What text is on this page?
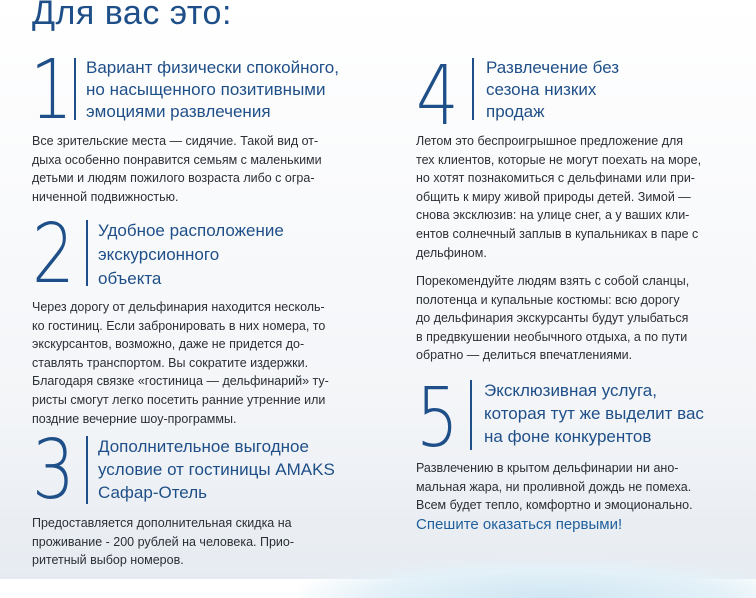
Для вас это:
1 Вариант физически спокойного,
но насыщенного позитивными
эмоциями развлечения

Все зрительские места — сидячие. Такой вид от-

дыха особенно понравится семьям с маленькими

детьми и людям пожилого возраста либо с огра-

ниченной подвижностью.

2 Удобное расположение
экскурсионного
объекта

Через дорогу от дельфинария находится несколь-

ко гостиниц. Если забронировать в них номера, то

экскурсантов, возможно, даже не придется до-

ставлять транспортом. Вы сократите издержки.

Благодаря связке «гостиница — дельфинарий» ту-

ристы смогут легко посетить ранние утренние или

поздние вечерние шоу-программы.

3 Дополнительное выгодное
условие от гостиницы AMAKS
Сафар-Отель

Предоставляется дополнительная скидка на

проживание - 200 рублей на человека. Прио-

ритетный выбор номеров.

4 Развлечение без
сезона низких
продаж

Летом это беспроигрышное предложение для

тех клиентов, которые не могут поехать на море,

но хотят познакомиться с дельфинами или при-

общить к миру живой природы детей. Зимой —

снова эксклюзив: на улице снег, а у ваших кли-

ентов солнечный заплыв в купальниках в паре с

дельфином.

Порекомендуйте людям взять с собой сланцы,

полотенца и купальные костюмы: всю дорогу

до дельфинария экскурсанты будут улыбаться

в предвкушении необычного отдыха, а по пути

обратно — делиться впечатлениями.

5 Эксклюзивная услуга,
которая тут же выделит вас
на фоне конкурентов

Развлечению в крытом дельфинарии ни ано-

мальная жара, ни проливной дождь не помеха.

Всем будет тепло, комфортно и эмоционально.

Спешите оказаться первыми!
